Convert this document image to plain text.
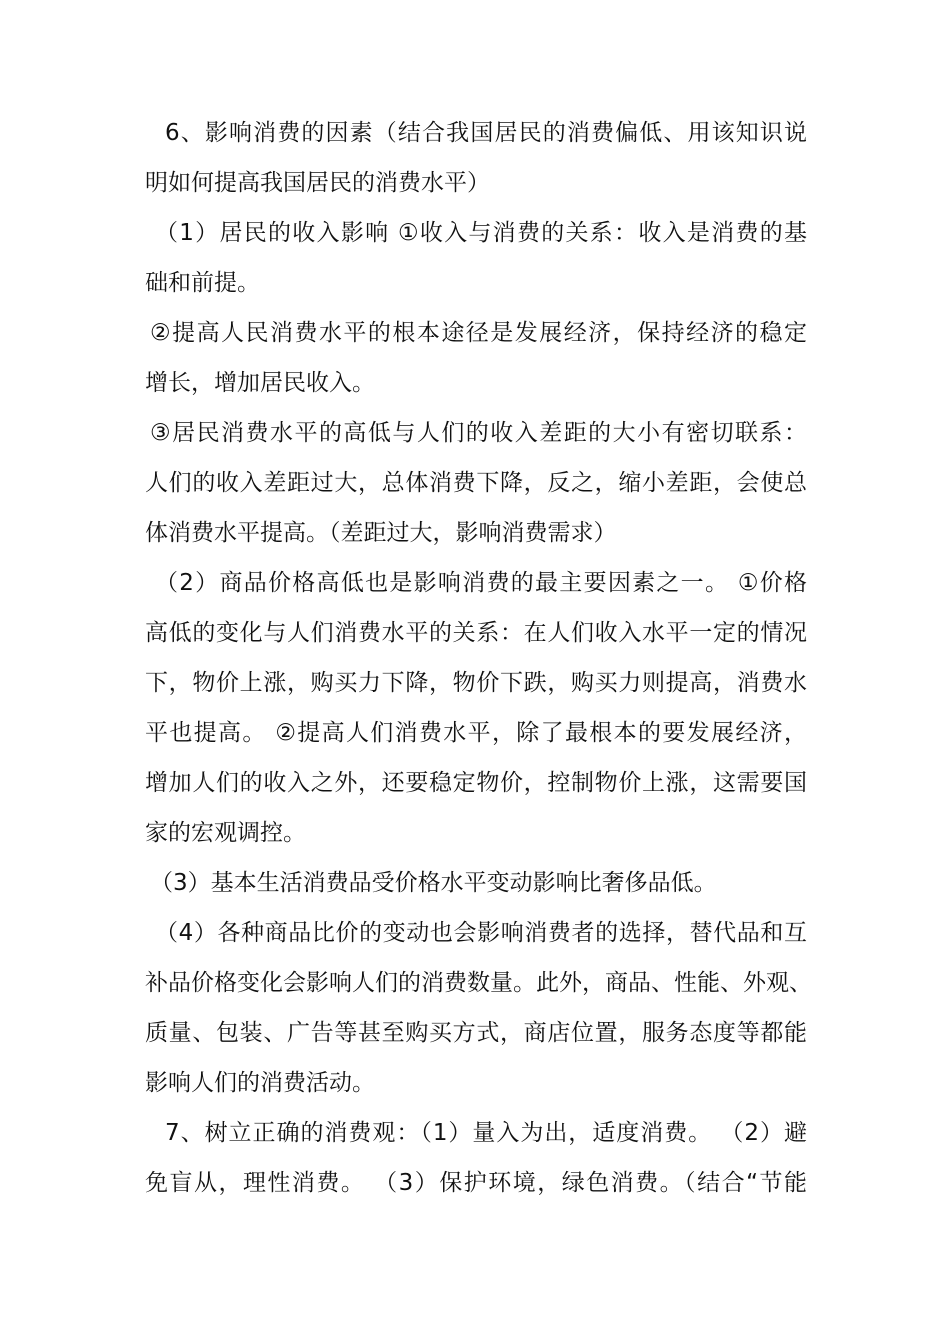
6、影响消费的因素（结合我国居民的消费偏低、用该知识说
明如何提高我国居民的消费水平）
（1）居民的收入影响 ①收入与消费的关系：收入是消费的基
础和前提。
②提高人民消费水平的根本途径是发展经济，保持经济的稳定
增长，增加居民收入。
③居民消费水平的高低与人们的收入差距的大小有密切联系：
人们的收入差距过大，总体消费下降，反之，缩小差距，会使总
体消费水平提高。（差距过大，影响消费需求）
（2）商品价格高低也是影响消费的最主要因素之一。 ①价格
高低的变化与人们消费水平的关系：在人们收入水平一定的情况
下，物价上涨，购买力下降，物价下跌，购买力则提高，消费水
平也提高。 ②提高人们消费水平，除了最根本的要发展经济，
增加人们的收入之外，还要稳定物价，控制物价上涨，这需要国
家的宏观调控。
（3）基本生活消费品受价格水平变动影响比奢侈品低。
（4）各种商品比价的变动也会影响消费者的选择，替代品和互
补品价格变化会影响人们的消费数量。此外，商品、性能、外观、
质量、包装、广告等甚至购买方式，商店位置，服务态度等都能
影响人们的消费活动。
7、树立正确的消费观：（1）量入为出，适度消费。 （2）避
免盲从，理性消费。 （3）保护环境，绿色消费。（结合“节能
